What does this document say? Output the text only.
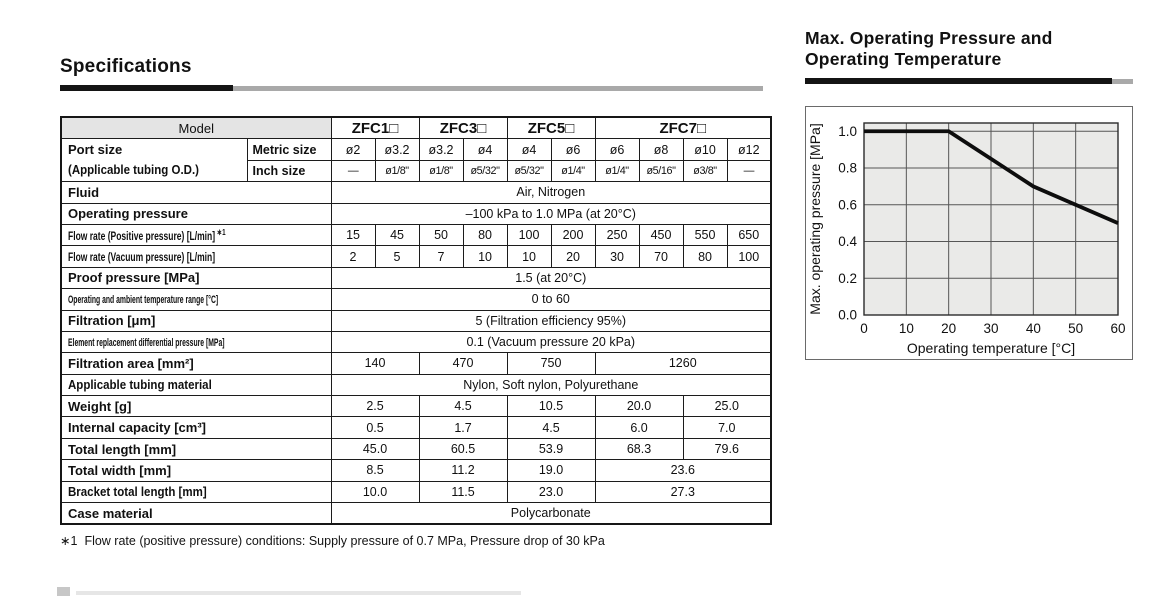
Specifications
Model		ZFC1□		ZFC3□		ZFC5□		ZFC7□			

Port size
(Applicable tubing O.D.)	Metric size	ø2	ø3.2	ø3.2	ø4	ø4	ø6	ø6	ø8	ø10	ø12
	Inch size	—	ø1/8"	ø1/8"	ø5/32"	ø5/32"	ø1/4"	ø1/4"	ø5/16"	ø3/8"	—
Fluid		Air, Nitrogen									
Operating pressure		–100 kPa to 1.0 MPa (at 20°C)									
Flow rate (Positive pressure) [L/min] $^{∗1}$		15	45	50	80	100	200	250	450	550	650
Flow rate (Vacuum pressure) [L/min]		2	5	7	10	10	20	30	70	80	100
Proof pressure [MPa]		1.5 (at 20°C)									
Operating and ambient temperature range [°C]		0 to 60									
Filtration [μm]		5 (Filtration efficiency 95%)									
Element replacement differential pressure [MPa]		0.1 (Vacuum pressure 20 kPa)									
Filtration area [mm²]		140		470		750		1260			
Applicable tubing material		Nylon, Soft nylon, Polyurethane									
Weight [g]		2.5		4.5		10.5		20.0		25.0	
Internal capacity [cm³]		0.5		1.7		4.5		6.0		7.0	
Total length [mm]		45.0		60.5		53.9		68.3		79.6	
Total width [mm]		8.5		11.2		19.0		23.6			
Bracket total length [mm]		10.0		11.5		23.0		27.3			
Case material		Polycarbonate									

∗1 Flow rate (positive pressure) conditions: Supply pressure of 0.7 MPa, Pressure drop of 30 kPa

Max. Operating Pressure and
Operating Temperature
0 10 20 30 40 50 60
0.0
0.2
0.4
0.6
0.8
1.0
Operating temperature [°C]
Max. operating pressure [MPa]
